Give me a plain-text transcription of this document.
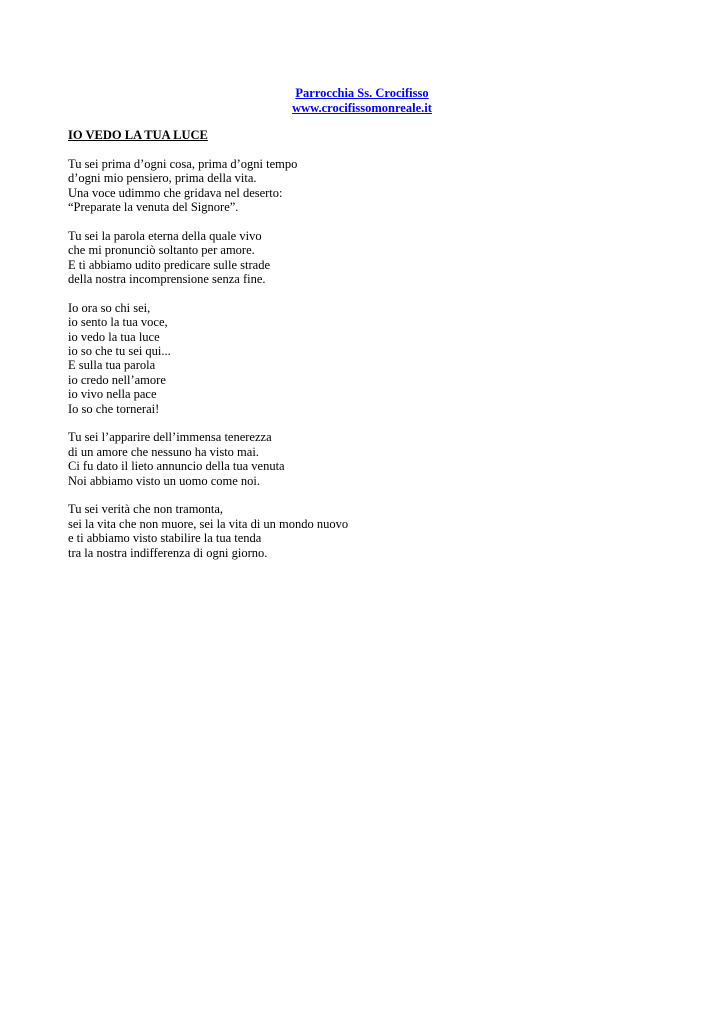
Parrocchia Ss. Crocifisso
www.crocifissomonreale.it
IO VEDO LA TUA LUCE
Tu sei prima d’ogni cosa, prima d’ogni tempo
d’ogni mio pensiero, prima della vita.
Una voce udimmo che gridava nel deserto:
“Preparate la venuta del Signore”.
Tu sei la parola eterna della quale vivo
che mi pronunciò soltanto per amore.
E ti abbiamo udito predicare sulle strade
della nostra incomprensione senza fine.
Io ora so chi sei,
io sento la tua voce,
io vedo la tua luce
io so che tu sei qui...
E sulla tua parola
io credo nell’amore
io vivo nella pace
Io so che tornerai!
Tu sei l’apparire dell’immensa tenerezza
di un amore che nessuno ha visto mai.
Ci fu dato il lieto annuncio della tua venuta
Noi abbiamo visto un uomo come noi.
Tu sei verità che non tramonta,
sei la vita che non muore, sei la vita di un mondo nuovo
e ti abbiamo visto stabilire la tua tenda
tra la nostra indifferenza di ogni giorno.
